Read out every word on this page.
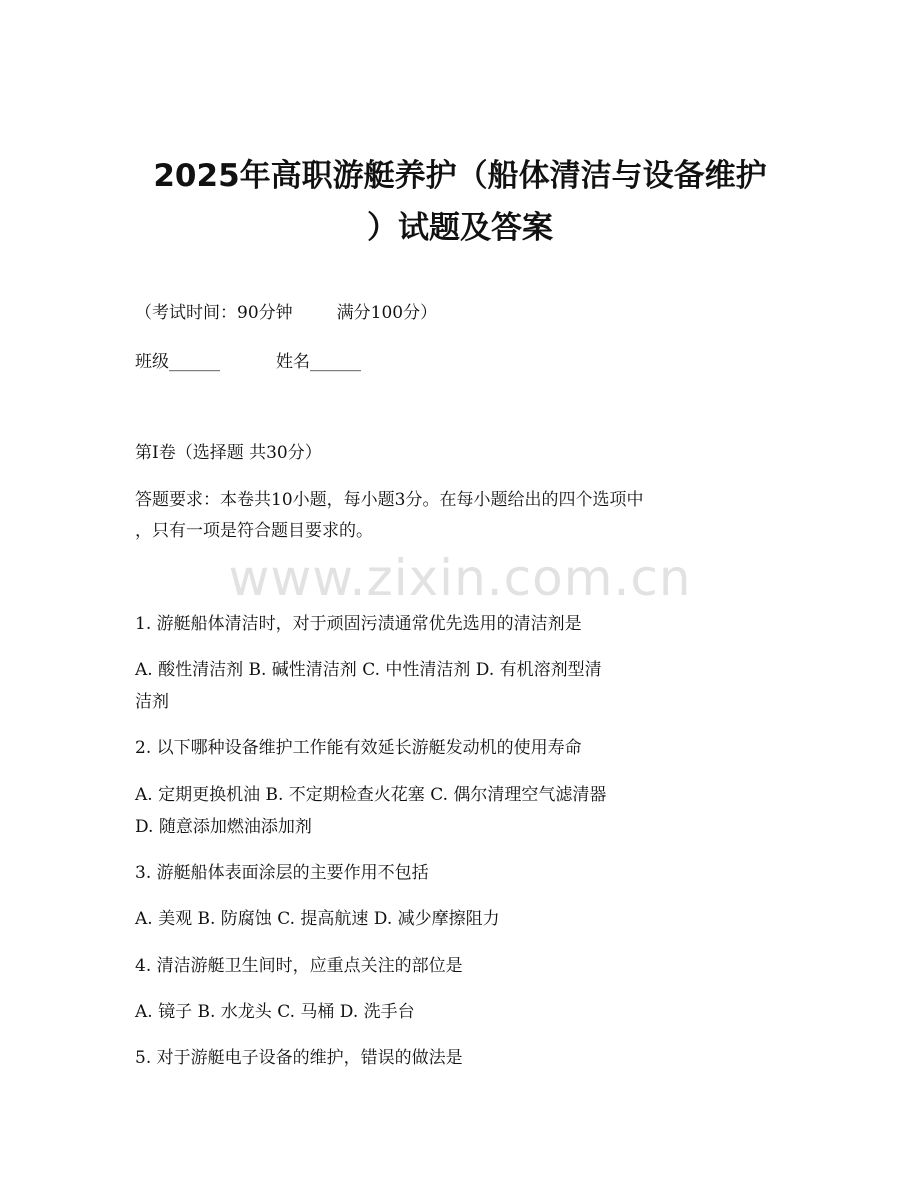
2025年高职游艇养护（船体清洁与设备维护
）试题及答案

（考试时间：90分钟	满分100分）

班级______	姓名______

第I卷（选择题 共30分）

答题要求：本卷共10小题，每小题3分。在每小题给出的四个选项中

，只有一项是符合题目要求的。

www.zixin.com.cn

1. 游艇船体清洁时，对于顽固污渍通常优先选用的清洁剂是

A. 酸性清洁剂 B. 碱性清洁剂 C. 中性清洁剂 D. 有机溶剂型清

洁剂

2. 以下哪种设备维护工作能有效延长游艇发动机的使用寿命

A. 定期更换机油 B. 不定期检查火花塞 C. 偶尔清理空气滤清器

D. 随意添加燃油添加剂

3. 游艇船体表面涂层的主要作用不包括

A. 美观 B. 防腐蚀 C. 提高航速 D. 减少摩擦阻力

4. 清洁游艇卫生间时，应重点关注的部位是

A. 镜子 B. 水龙头 C. 马桶 D. 洗手台

5. 对于游艇电子设备的维护，错误的做法是
